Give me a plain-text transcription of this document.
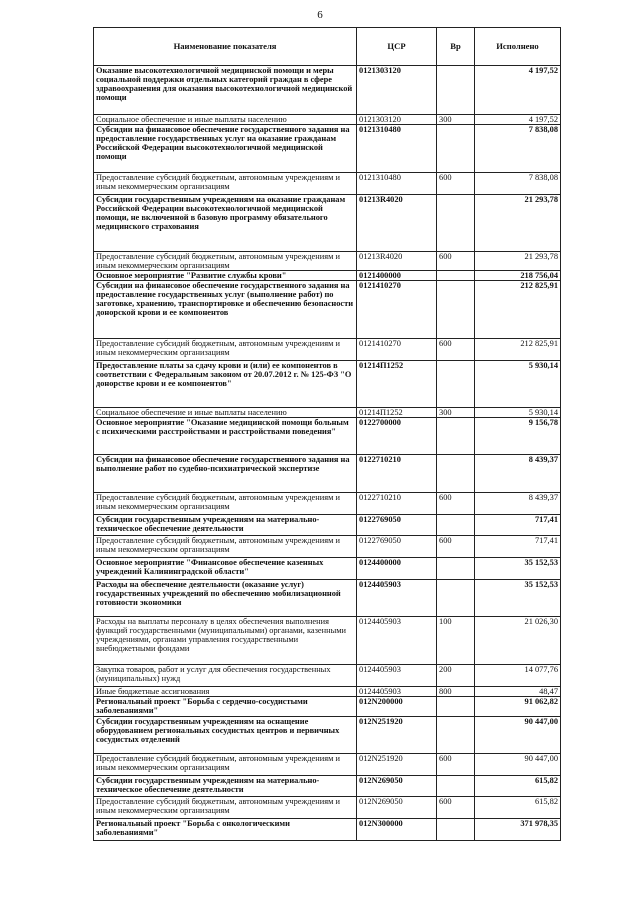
6
Наименование показателя	ЦСР	Вр	Исполнено
Оказание высокотехнологичной медицинской помощи и меры социальной поддержки отдельных категорий граждан в сфере здравоохранения для оказания высокотехнологичной медицинской помощи	0121303120		4 197,52
Социальное обеспечение и иные выплаты населению	0121303120	300	4 197,52
Субсидии на финансовое обеспечение государственного задания на предоставление государственных услуг на оказание гражданам Российской Федерации высокотехнологичной медицинской помощи	0121310480		7 838,08
Предоставление субсидий бюджетным, автономным учреждениям и иным некоммерческим организациям	0121310480	600	7 838,08
Субсидии государственным учреждениям на оказание гражданам Российской Федерации высокотехнологичной медицинской помощи, не включенной в базовую программу обязательного медицинского страхования	01213R4020		21 293,78
Предоставление субсидий бюджетным, автономным учреждениям и иным некоммерческим организациям	01213R4020	600	21 293,78
Основное мероприятие "Развитие службы крови"	0121400000		218 756,04
Субсидии на финансовое обеспечение государственного задания на предоставление государственных услуг (выполнение работ) по заготовке, хранению, транспортировке и обеспечению безопасности донорской крови и ее компонентов	0121410270		212 825,91
Предоставление субсидий бюджетным, автономным учреждениям и иным некоммерческим организациям	0121410270	600	212 825,91
Предоставление платы за сдачу крови и (или) ее компонентов в соответствии с Федеральным законом от 20.07.2012 г. № 125-ФЗ "О донорстве крови и ее компонентов"	01214П1252		5 930,14
Социальное обеспечение и иные выплаты населению	01214П1252	300	5 930,14
Основное мероприятие "Оказание медицинской помощи больным с психическими расстройствами и расстройствами поведения"	0122700000		9 156,78
Субсидии на финансовое обеспечение государственного задания на выполнение работ по судебно-психиатрической экспертизе	0122710210		8 439,37
Предоставление субсидий бюджетным, автономным учреждениям и иным некоммерческим организациям	0122710210	600	8 439,37
Субсидии государственным учреждениям на материально-техническое обеспечение деятельности	0122769050		717,41
Предоставление субсидий бюджетным, автономным учреждениям и иным некоммерческим организациям	0122769050	600	717,41
Основное мероприятие "Финансовое обеспечение казенных учреждений Калининградской области"	0124400000		35 152,53
Расходы на обеспечение деятельности (оказание услуг) государственных учреждений по обеспечению мобилизационной готовности экономики	0124405903		35 152,53
Расходы на выплаты персоналу в целях обеспечения выполнения функций государственными (муниципальными) органами, казенными учреждениями, органами управления государственными внебюджетными фондами	0124405903	100	21 026,30
Закупка товаров, работ и услуг для обеспечения государственных (муниципальных) нужд	0124405903	200	14 077,76
Иные бюджетные ассигнования	0124405903	800	48,47
Региональный проект "Борьба с сердечно-сосудистыми заболеваниями"	012N200000		91 062,82
Субсидии государственным учреждениям на оснащение оборудованием региональных сосудистых центров и первичных сосудистых отделений	012N251920		90 447,00
Предоставление субсидий бюджетным, автономным учреждениям и иным некоммерческим организациям	012N251920	600	90 447,00
Субсидии государственным учреждениям на материально-техническое обеспечение деятельности	012N269050		615,82
Предоставление субсидий бюджетным, автономным учреждениям и иным некоммерческим организациям	012N269050	600	615,82
Региональный проект "Борьба с онкологическими заболеваниями"	012N300000		371 978,35
